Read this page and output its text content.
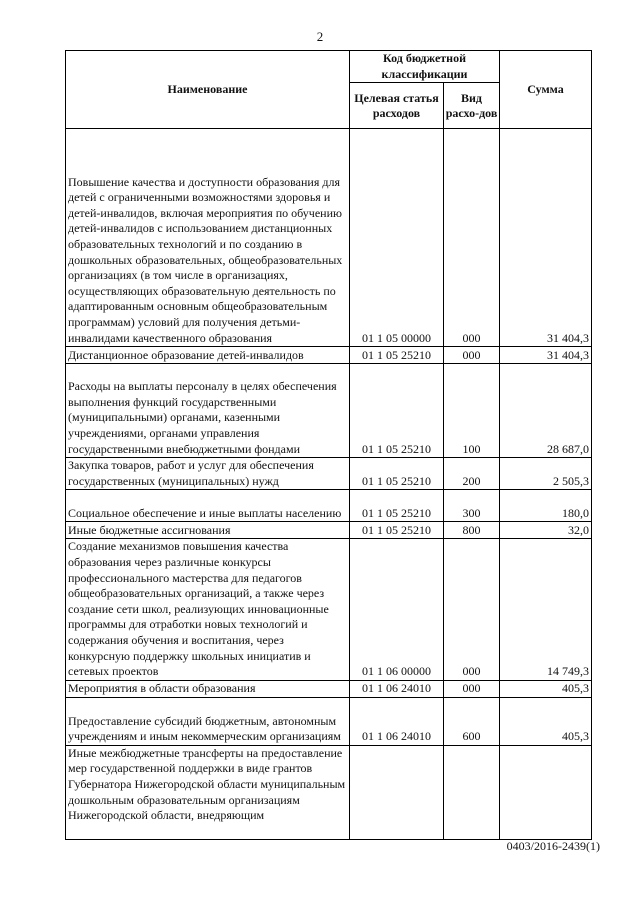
2
Наименование	Код бюджетной классификации		Сумма
	Целевая статья расходов	Вид расхо-дов	
Повышение качества и доступности образования для детей с ограниченными возможностями здоровья и детей-инвалидов, включая мероприятия по обучению детей-инвалидов с использованием дистанционных образовательных технологий и по созданию в дошкольных образовательных, общеобразовательных организациях (в том числе в организациях, осуществляющих образовательную деятельность по адаптированным основным общеобразовательным программам) условий для получения детьми-инвалидами качественного образования	01 1 05 00000	000	31 404,3
Дистанционное образование детей-инвалидов	01 1 05 25210	000	31 404,3
Расходы на выплаты персоналу в целях обеспечения выполнения функций государственными (муниципальными) органами, казенными учреждениями, органами управления государственными внебюджетными фондами	01 1 05 25210	100	28 687,0
Закупка товаров, работ и услуг для обеспечения государственных (муниципальных) нужд	01 1 05 25210	200	2 505,3
Социальное обеспечение и иные выплаты населению	01 1 05 25210	300	180,0
Иные бюджетные ассигнования	01 1 05 25210	800	32,0
Создание механизмов повышения качества образования через различные конкурсы профессионального мастерства для педагогов общеобразовательных организаций, а также через создание сети школ, реализующих инновационные программы для отработки новых технологий и содержания обучения и воспитания, через конкурсную поддержку школьных инициатив и сетевых проектов	01 1 06 00000	000	14 749,3
Мероприятия в области образования	01 1 06 24010	000	405,3
Предоставление субсидий бюджетным, автономным учреждениям и иным некоммерческим организациям	01 1 06 24010	600	405,3
Иные межбюджетные трансферты на предоставление мер государственной поддержки в виде грантов Губернатора Нижегородской области муниципальным дошкольным образовательным организациям Нижегородской области, внедряющим			
0403/2016-2439(1)
